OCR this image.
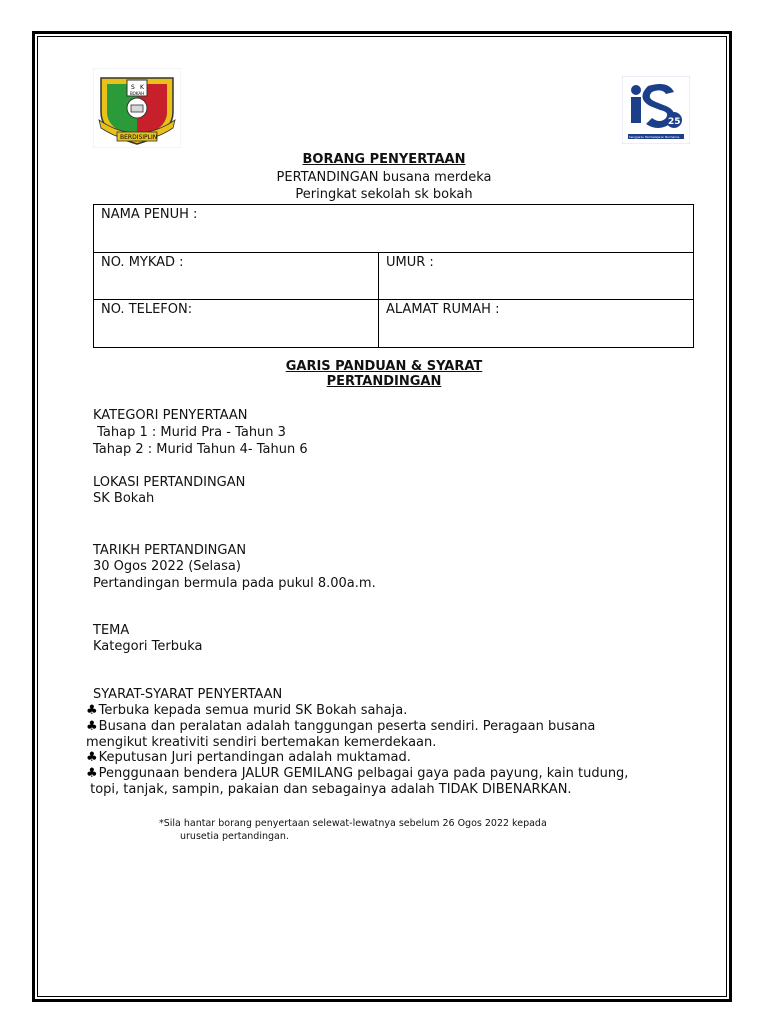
S K
BOKAH
BERDISIPLIN
25
Sanggaran Pembelajaran Bermakna
BORANG PENYERTAAN
PERTANDINGAN busana merdeka
Peringkat sekolah sk bokah
NAMA PENUH :	
NO. MYKAD :	UMUR :
NO. TELEFON:	ALAMAT RUMAH :
GARIS PANDUAN & SYARAT
PERTANDINGAN
KATEGORI PENYERTAAN
Tahap 1 : Murid Pra - Tahun 3
Tahap 2 : Murid Tahun 4- Tahun 6
LOKASI PERTANDINGAN
SK Bokah
TARIKH PERTANDINGAN
30 Ogos 2022 (Selasa)
Pertandingan bermula pada pukul 8.00a.m.
TEMA
Kategori Terbuka
SYARAT-SYARAT PENYERTAAN
♣Terbuka kepada semua murid SK Bokah sahaja.
♣Busana dan peralatan adalah tanggungan peserta sendiri. Peragaan busana
mengikut kreativiti sendiri bertemakan kemerdekaan.
♣Keputusan Juri pertandingan adalah muktamad.
♣Penggunaan bendera JALUR GEMILANG pelbagai gaya pada payung, kain tudung,
topi, tanjak, sampin, pakaian dan sebagainya adalah TIDAK DIBENARKAN.
*Sila hantar borang penyertaan selewat-lewatnya sebelum 26 Ogos 2022 kepada
urusetia pertandingan.
